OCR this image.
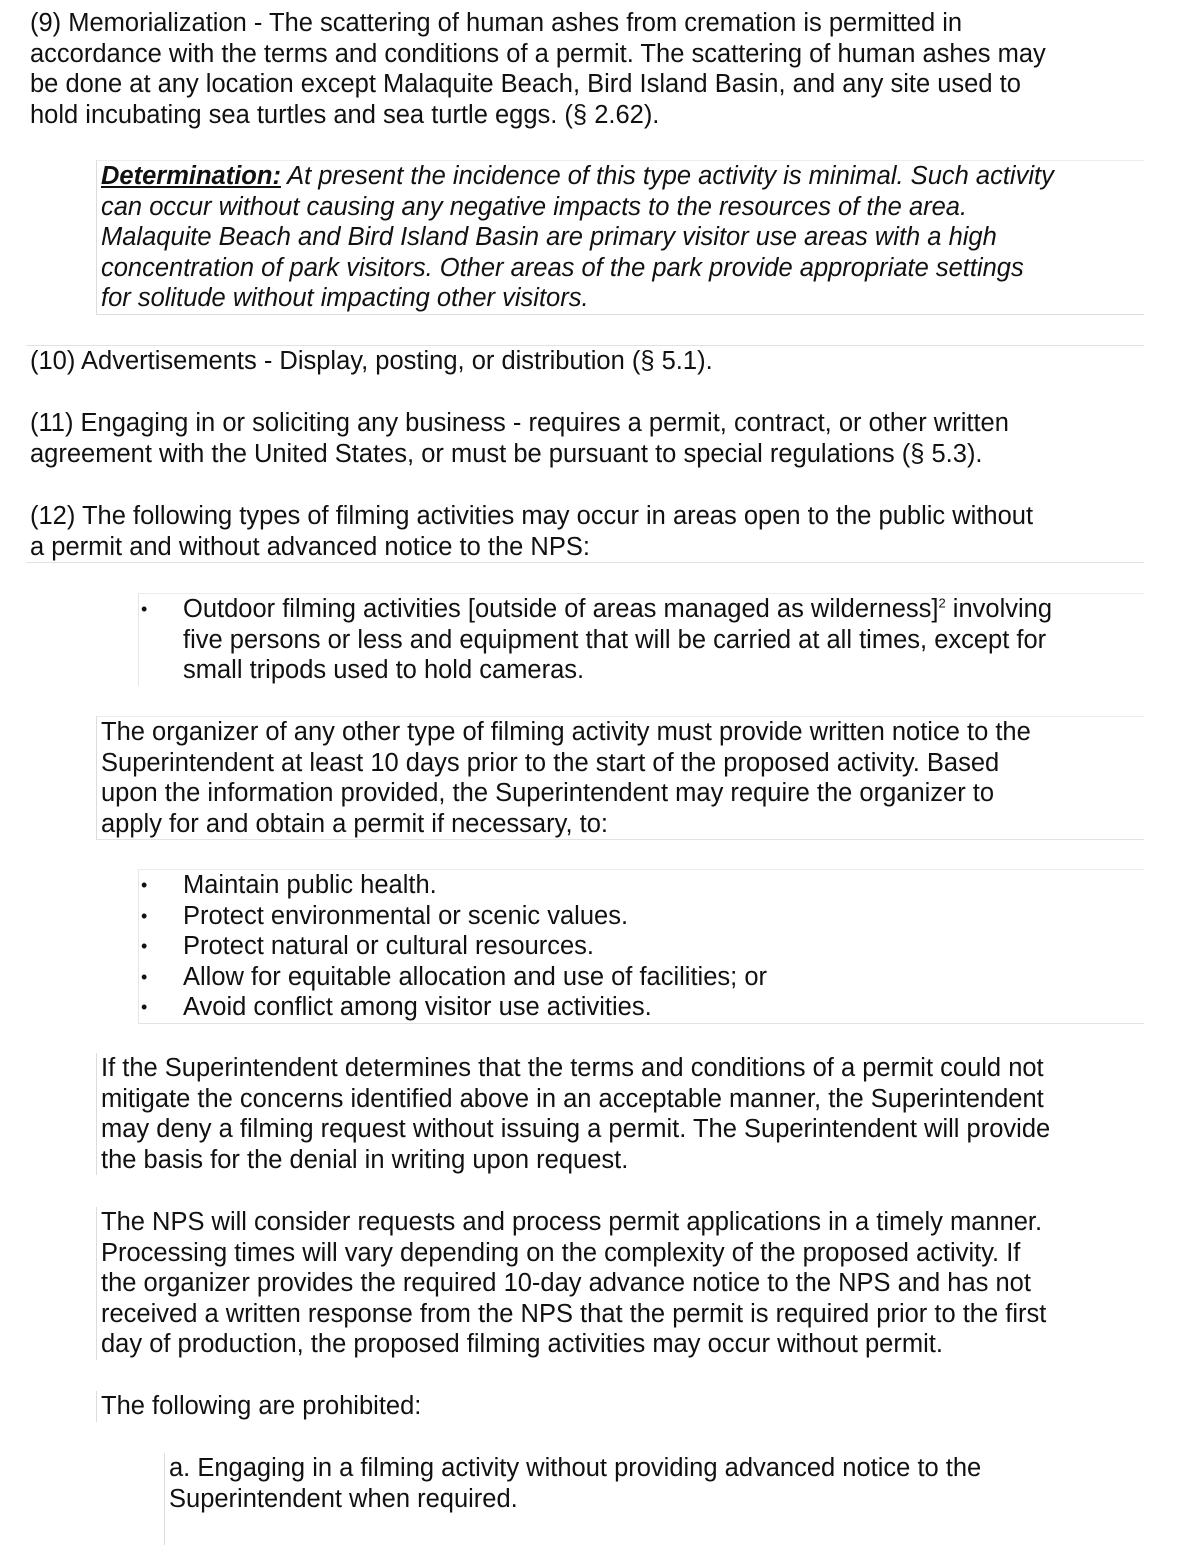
(9) Memorialization - The scattering of human ashes from cremation is permitted in
accordance with the terms and conditions of a permit. The scattering of human ashes may
be done at any location except Malaquite Beach, Bird Island Basin, and any site used to
hold incubating sea turtles and sea turtle eggs. (§ 2.62).
Determination: At present the incidence of this type activity is minimal. Such activity
can occur without causing any negative impacts to the resources of the area.
Malaquite Beach and Bird Island Basin are primary visitor use areas with a high
concentration of park visitors. Other areas of the park provide appropriate settings
for solitude without impacting other visitors.
(10) Advertisements - Display, posting, or distribution (§ 5.1).
(11) Engaging in or soliciting any business - requires a permit, contract, or other written
agreement with the United States, or must be pursuant to special regulations (§ 5.3).
(12) The following types of filming activities may occur in areas open to the public without
a permit and without advanced notice to the NPS:
• Outdoor filming activities [outside of areas managed as wilderness]$^2$ involving
five persons or less and equipment that will be carried at all times, except for
small tripods used to hold cameras.
The organizer of any other type of filming activity must provide written notice to the
Superintendent at least 10 days prior to the start of the proposed activity. Based
upon the information provided, the Superintendent may require the organizer to
apply for and obtain a permit if necessary, to:
• Maintain public health.
• Protect environmental or scenic values.
• Protect natural or cultural resources.
• Allow for equitable allocation and use of facilities; or
• Avoid conflict among visitor use activities.
If the Superintendent determines that the terms and conditions of a permit could not
mitigate the concerns identified above in an acceptable manner, the Superintendent
may deny a filming request without issuing a permit. The Superintendent will provide
the basis for the denial in writing upon request.
The NPS will consider requests and process permit applications in a timely manner.
Processing times will vary depending on the complexity of the proposed activity. If
the organizer provides the required 10-day advance notice to the NPS and has not
received a written response from the NPS that the permit is required prior to the first
day of production, the proposed filming activities may occur without permit.
The following are prohibited:
a. Engaging in a filming activity without providing advanced notice to the
Superintendent when required.
